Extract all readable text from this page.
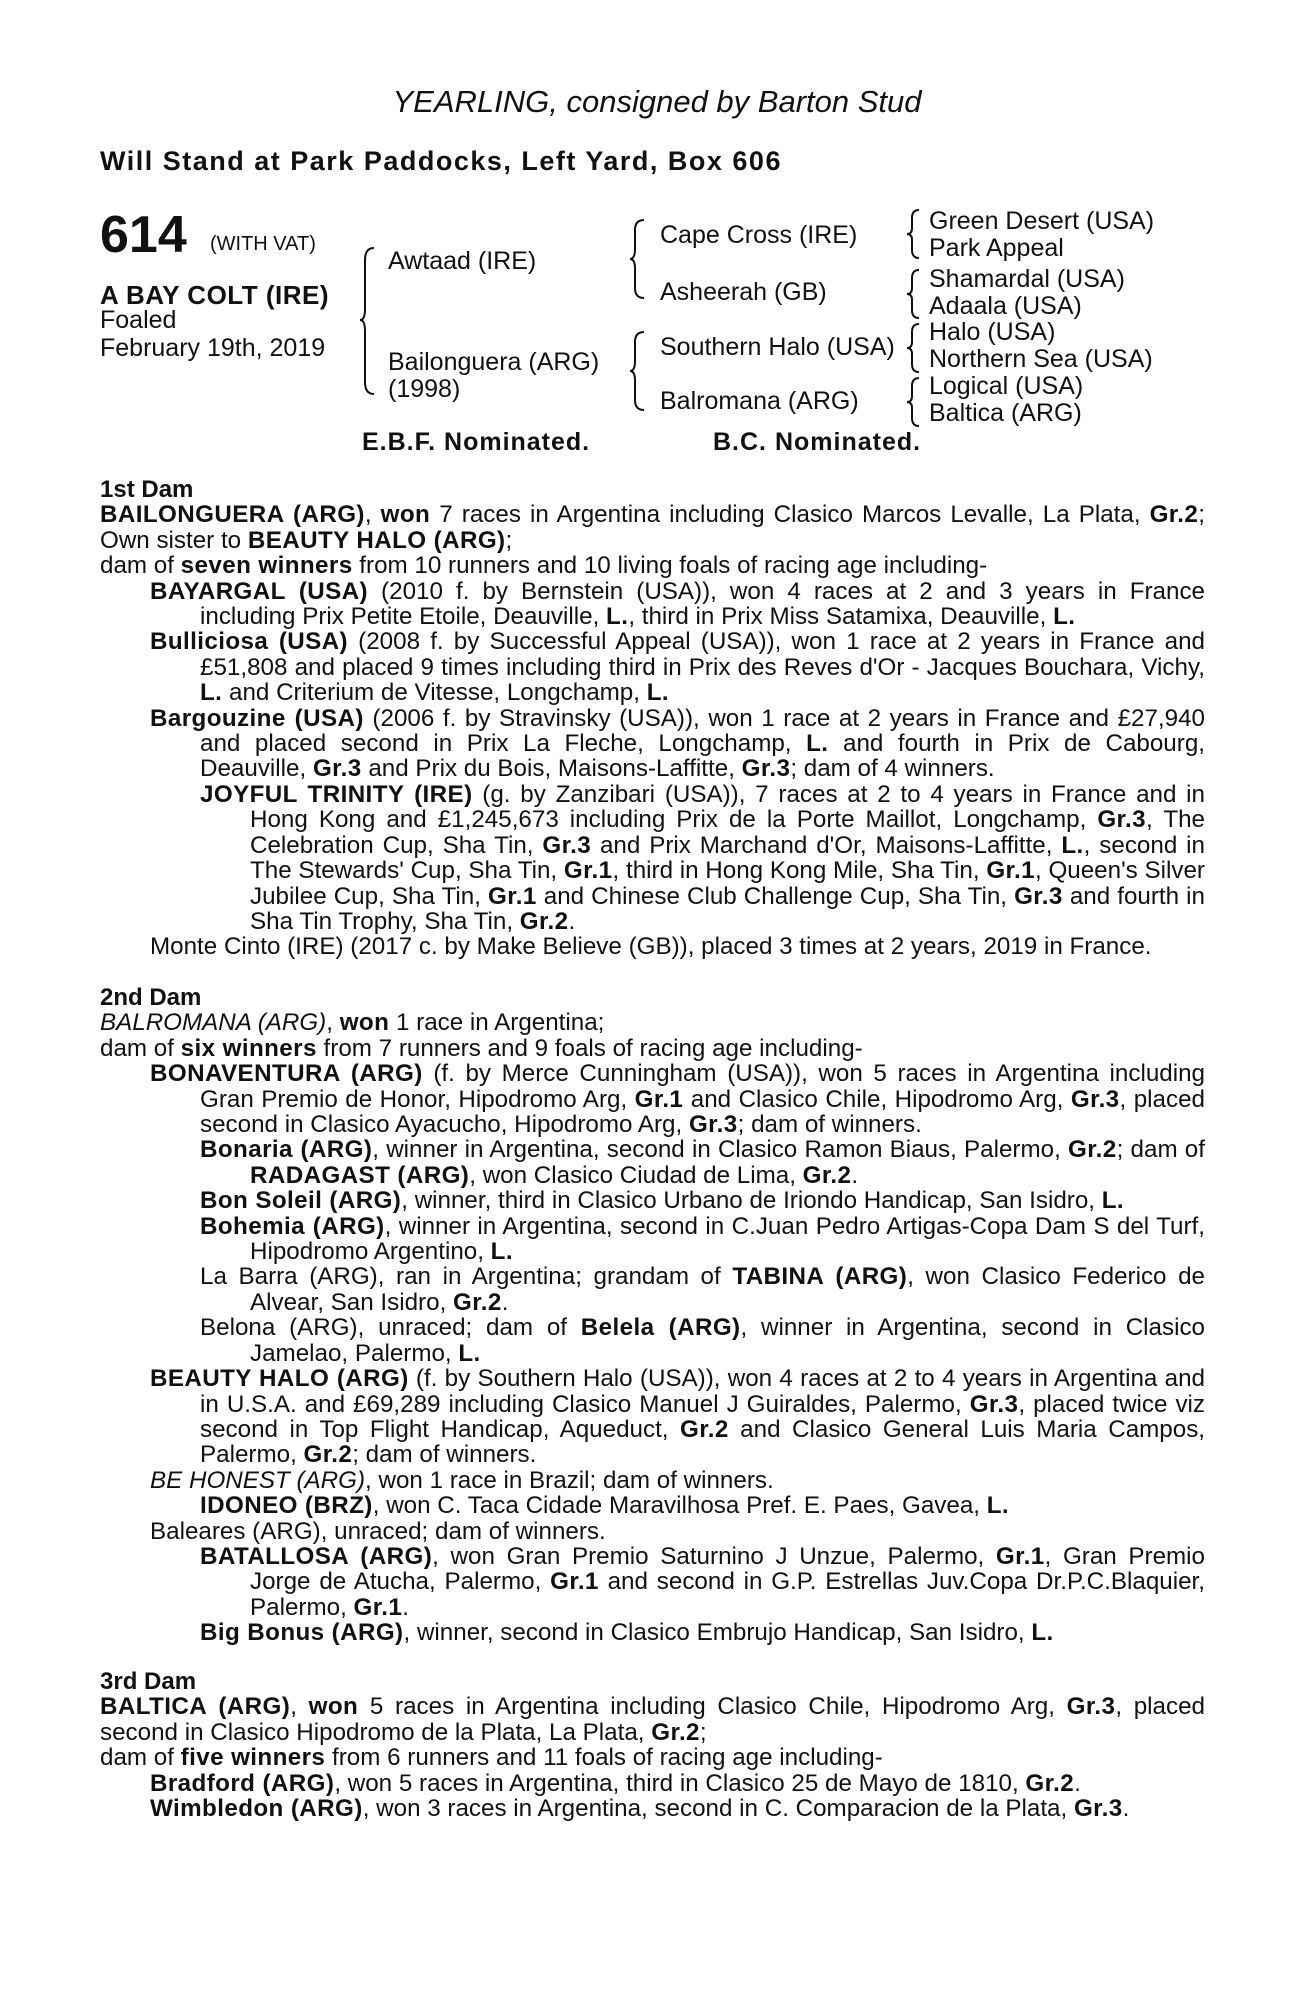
YEARLING, consigned by Barton Stud
Will Stand at Park Paddocks, Left Yard, Box 606
614 (WITH VAT)
A BAY COLT (IRE)
Foaled
February 19th, 2019
Awtaad (IRE)
Bailonguera (ARG)
(1998)
Cape Cross (IRE)
Asheerah (GB)
Southern Halo (USA)
Balromana (ARG)
Green Desert (USA)
Park Appeal
Shamardal (USA)
Adaala (USA)
Halo (USA)
Northern Sea (USA)
Logical (USA)
Baltica (ARG)
E.B.F. Nominated.	B.C. Nominated.
1st Dam
BAILONGUERA (ARG), won 7 races in Argentina including Clasico Marcos Levalle, La Plata, Gr.2; Own sister to BEAUTY HALO (ARG);
dam of seven winners from 10 runners and 10 living foals of racing age including-
BAYARGAL (USA) (2010 f. by Bernstein (USA)), won 4 races at 2 and 3 years in France including Prix Petite Etoile, Deauville, L., third in Prix Miss Satamixa, Deauville, L.
Bulliciosa (USA) (2008 f. by Successful Appeal (USA)), won 1 race at 2 years in France and £51,808 and placed 9 times including third in Prix des Reves d'Or - Jacques Bouchara, Vichy, L. and Criterium de Vitesse, Longchamp, L.
Bargouzine (USA) (2006 f. by Stravinsky (USA)), won 1 race at 2 years in France and £27,940 and placed second in Prix La Fleche, Longchamp, L. and fourth in Prix de Cabourg, Deauville, Gr.3 and Prix du Bois, Maisons-Laffitte, Gr.3; dam of 4 winners.
JOYFUL TRINITY (IRE) (g. by Zanzibari (USA)), 7 races at 2 to 4 years in France and in Hong Kong and £1,245,673 including Prix de la Porte Maillot, Longchamp, Gr.3, The Celebration Cup, Sha Tin, Gr.3 and Prix Marchand d'Or, Maisons-Laffitte, L., second in The Stewards' Cup, Sha Tin, Gr.1, third in Hong Kong Mile, Sha Tin, Gr.1, Queen's Silver Jubilee Cup, Sha Tin, Gr.1 and Chinese Club Challenge Cup, Sha Tin, Gr.3 and fourth in Sha Tin Trophy, Sha Tin, Gr.2.
Monte Cinto (IRE) (2017 c. by Make Believe (GB)), placed 3 times at 2 years, 2019 in France.
2nd Dam
BALROMANA (ARG), won 1 race in Argentina;
dam of six winners from 7 runners and 9 foals of racing age including-
BONAVENTURA (ARG) (f. by Merce Cunningham (USA)), won 5 races in Argentina including Gran Premio de Honor, Hipodromo Arg, Gr.1 and Clasico Chile, Hipodromo Arg, Gr.3, placed second in Clasico Ayacucho, Hipodromo Arg, Gr.3; dam of winners.
Bonaria (ARG), winner in Argentina, second in Clasico Ramon Biaus, Palermo, Gr.2; dam of RADAGAST (ARG), won Clasico Ciudad de Lima, Gr.2.
Bon Soleil (ARG), winner, third in Clasico Urbano de Iriondo Handicap, San Isidro, L.
Bohemia (ARG), winner in Argentina, second in C.Juan Pedro Artigas-Copa Dam S del Turf, Hipodromo Argentino, L.
La Barra (ARG), ran in Argentina; grandam of TABINA (ARG), won Clasico Federico de Alvear, San Isidro, Gr.2.
Belona (ARG), unraced; dam of Belela (ARG), winner in Argentina, second in Clasico Jamelao, Palermo, L.
BEAUTY HALO (ARG) (f. by Southern Halo (USA)), won 4 races at 2 to 4 years in Argentina and in U.S.A. and £69,289 including Clasico Manuel J Guiraldes, Palermo, Gr.3, placed twice viz second in Top Flight Handicap, Aqueduct, Gr.2 and Clasico General Luis Maria Campos, Palermo, Gr.2; dam of winners.
BE HONEST (ARG), won 1 race in Brazil; dam of winners.
IDONEO (BRZ), won C. Taca Cidade Maravilhosa Pref. E. Paes, Gavea, L.
Baleares (ARG), unraced; dam of winners.
BATALLOSA (ARG), won Gran Premio Saturnino J Unzue, Palermo, Gr.1, Gran Premio Jorge de Atucha, Palermo, Gr.1 and second in G.P. Estrellas Juv.Copa Dr.P.C.Blaquier, Palermo, Gr.1.
Big Bonus (ARG), winner, second in Clasico Embrujo Handicap, San Isidro, L.
3rd Dam
BALTICA (ARG), won 5 races in Argentina including Clasico Chile, Hipodromo Arg, Gr.3, placed second in Clasico Hipodromo de la Plata, La Plata, Gr.2;
dam of five winners from 6 runners and 11 foals of racing age including-
Bradford (ARG), won 5 races in Argentina, third in Clasico 25 de Mayo de 1810, Gr.2.
Wimbledon (ARG), won 3 races in Argentina, second in C. Comparacion de la Plata, Gr.3.
